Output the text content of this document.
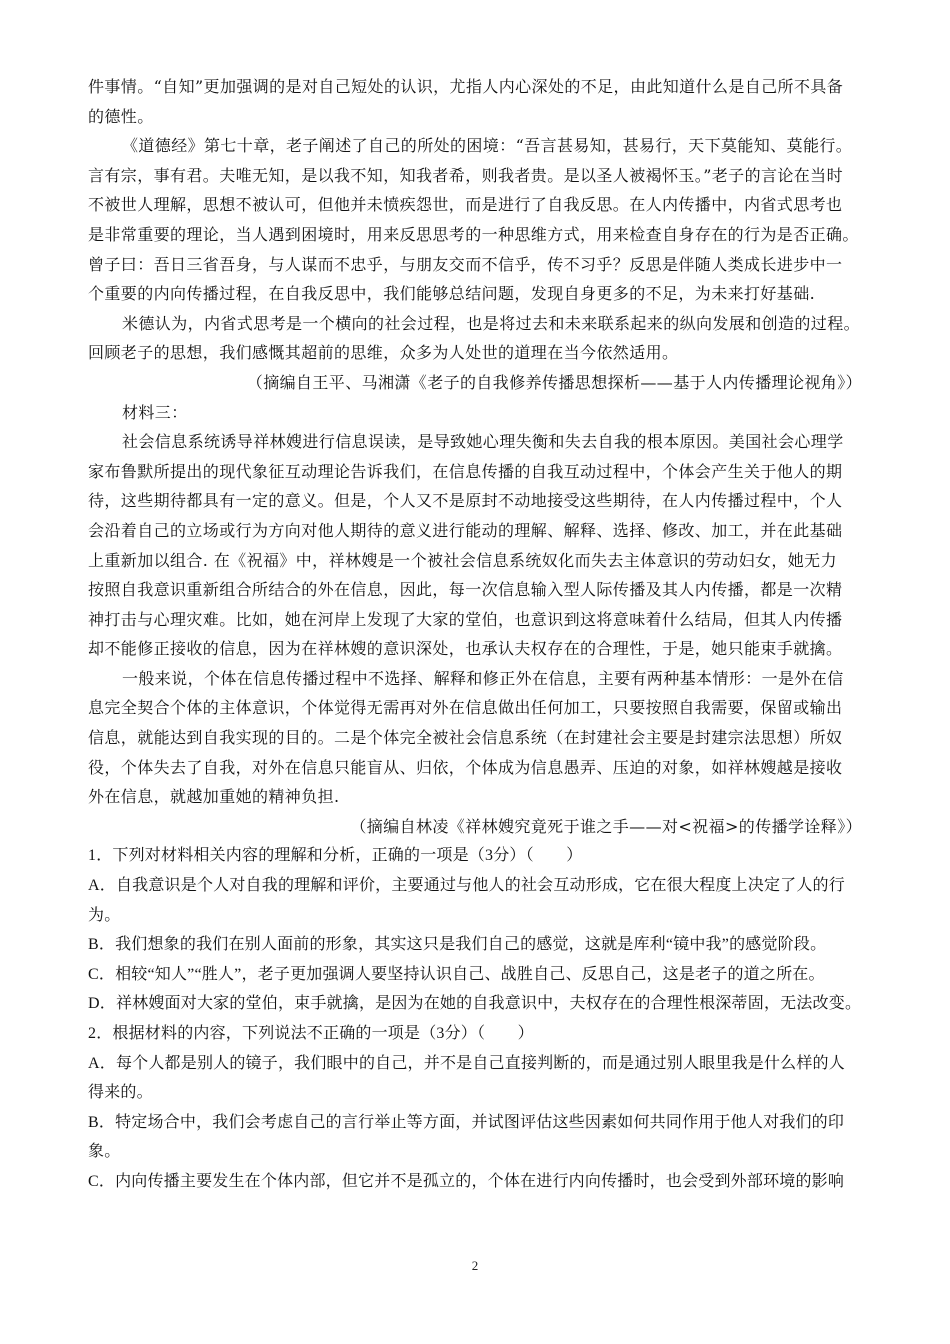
件事情。“自知”更加强调的是对自己短处的认识，尤指人内心深处的不足，由此知道什么是自己所不具备
的德性。
《道德经》第七十章，老子阐述了自己的所处的困境：“吾言甚易知，甚易行，天下莫能知、莫能行。
言有宗，事有君。夫唯无知，是以我不知，知我者希，则我者贵。是以圣人被褐怀玉。”老子的言论在当时
不被世人理解，思想不被认可，但他并未愤疾怨世，而是进行了自我反思。在人内传播中，内省式思考也
是非常重要的理论，当人遇到困境时，用来反思思考的一种思维方式，用来检查自身存在的行为是否正确。
曾子曰：吾日三省吾身，与人谋而不忠乎，与朋友交而不信乎，传不习乎？反思是伴随人类成长进步中一
个重要的内向传播过程，在自我反思中，我们能够总结问题，发现自身更多的不足，为未来打好基础.
米德认为，内省式思考是一个横向的社会过程，也是将过去和未来联系起来的纵向发展和创造的过程。
回顾老子的思想，我们感慨其超前的思维，众多为人处世的道理在当今依然适用。
（摘编自王平、马湘潇《老子的自我修养传播思想探析——基于人内传播理论视角》）
材料三：
社会信息系统诱导祥林嫂进行信息误读，是导致她心理失衡和失去自我的根本原因。美国社会心理学
家布鲁默所提出的现代象征互动理论告诉我们，在信息传播的自我互动过程中，个体会产生关于他人的期
待，这些期待都具有一定的意义。但是，个人又不是原封不动地接受这些期待，在人内传播过程中，个人
会沿着自己的立场或行为方向对他人期待的意义进行能动的理解、解释、选择、修改、加工，并在此基础
上重新加以组合. 在《祝福》中，祥林嫂是一个被社会信息系统奴化而失去主体意识的劳动妇女，她无力
按照自我意识重新组合所结合的外在信息，因此，每一次信息输入型人际传播及其人内传播，都是一次精
神打击与心理灾难。比如，她在河岸上发现了大家的堂伯，也意识到这将意味着什么结局，但其人内传播
却不能修正接收的信息，因为在祥林嫂的意识深处，也承认夫权存在的合理性，于是，她只能束手就擒。
一般来说，个体在信息传播过程中不选择、解释和修正外在信息，主要有两种基本情形：一是外在信
息完全契合个体的主体意识，个体觉得无需再对外在信息做出任何加工，只要按照自我需要，保留或输出
信息，就能达到自我实现的目的。二是个体完全被社会信息系统（在封建社会主要是封建宗法思想）所奴
役，个体失去了自我，对外在信息只能盲从、归依，个体成为信息愚弄、压迫的对象，如祥林嫂越是接收
外在信息，就越加重她的精神负担.
（摘编自林凌《祥林嫂究竟死于谁之手——对<祝福>的传播学诠释》）
1．下列对材料相关内容的理解和分析，正确的一项是（3分）（　　）
A．自我意识是个人对自我的理解和评价，主要通过与他人的社会互动形成，它在很大程度上决定了人的行
为。
B．我们想象的我们在别人面前的形象，其实这只是我们自己的感觉，这就是库利“镜中我”的感觉阶段。
C．相较“知人”“胜人”，老子更加强调人要坚持认识自己、战胜自己、反思自己，这是老子的道之所在。
D．祥林嫂面对大家的堂伯，束手就擒，是因为在她的自我意识中，夫权存在的合理性根深蒂固，无法改变。
2．根据材料的内容，下列说法不正确的一项是（3分）（　　）
A．每个人都是别人的镜子，我们眼中的自己，并不是自己直接判断的，而是通过别人眼里我是什么样的人
得来的。
B．特定场合中，我们会考虑自己的言行举止等方面，并试图评估这些因素如何共同作用于他人对我们的印
象。
C．内向传播主要发生在个体内部，但它并不是孤立的，个体在进行内向传播时，也会受到外部环境的影响
2
